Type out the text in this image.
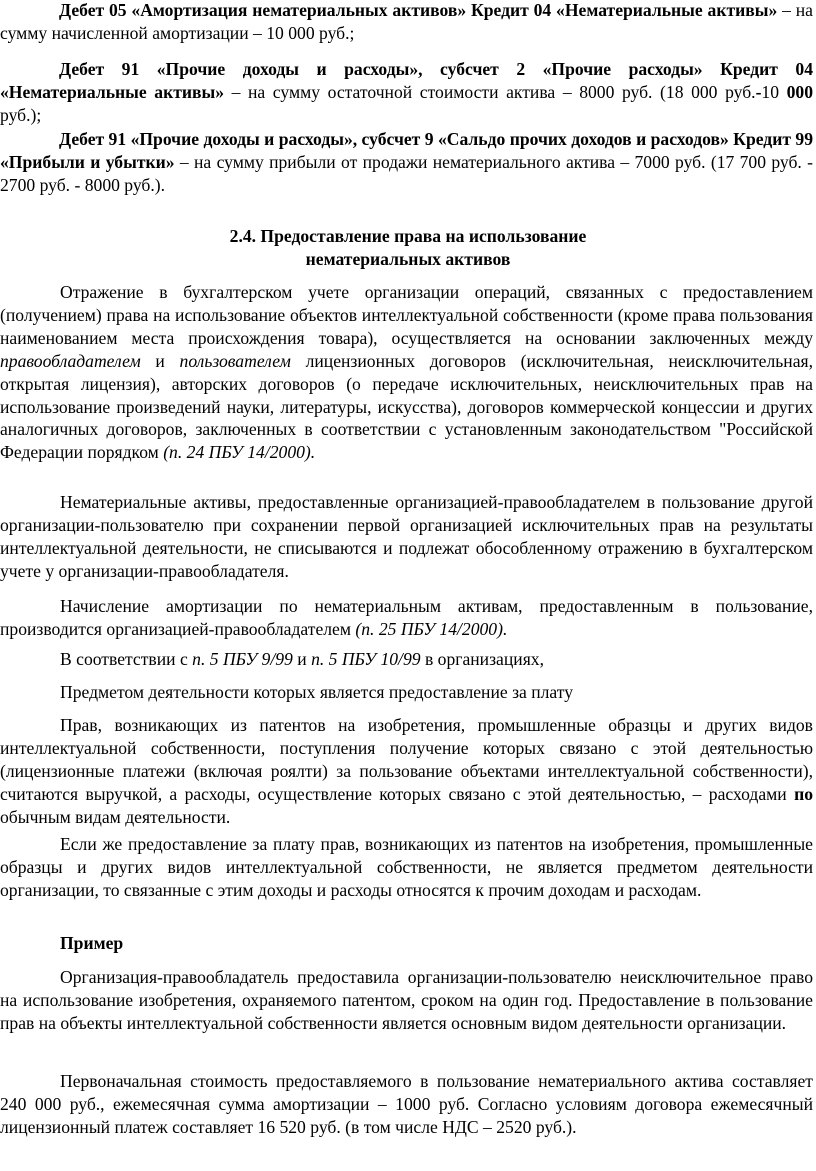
Дебет 05 «Амортизация нематериальных активов» Кредит 04 «Нематериальные активы» – на сумму начисленной амортизации – 10 000 руб.;

Дебет 91 «Прочие доходы и расходы», субсчет 2 «Прочие расходы» Кредит 04 «Нематериальные активы» – на сумму остаточной стоимости актива – 8000 руб. (18 000 руб.-10 000 руб.);

Дебет 91 «Прочие доходы и расходы», субсчет 9 «Сальдо прочих доходов и расходов» Кредит 99 «Прибыли и убытки» – на сумму прибыли от продажи нематериального актива – 7000 руб. (17 700 руб. - 2700 руб. - 8000 руб.).

2.4. Предоставление права на использование
нематериальных активов

Отражение в бухгалтерском учете организации операций, связанных с предоставлением (получением) права на использование объектов интеллектуальной собственности (кроме права пользования наименованием места происхождения товара), осуществляется на основании заключенных между правообладателем и пользователем лицензионных договоров (исключительная, неисключительная, открытая лицензия), авторских договоров (о передаче исключительных, неисключительных прав на использование произведений науки, литературы, искусства), договоров коммерческой концессии и других аналогичных договоров, заключенных в соответствии с установленным законодательством "Российской Федерации порядком (п. 24 ПБУ 14/2000).

Нематериальные активы, предоставленные организацией-правообладателем в пользование другой организации-пользователю при сохранении первой организацией исключительных прав на результаты интеллектуальной деятельности, не списываются и подлежат обособленному отражению в бухгалтерском учете у организации-правообладателя.

Начисление амортизации по нематериальным активам, предоставленным в пользование, производится организацией-правообладателем (п. 25 ПБУ 14/2000).

В соответствии с п. 5 ПБУ 9/99 и п. 5 ПБУ 10/99 в организациях,

Предметом деятельности которых является предоставление за плату

Прав, возникающих из патентов на изобретения, промышленные образцы и других видов интеллектуальной собственности, поступления получение которых связано с этой деятельностью (лицензионные платежи (включая роялти) за пользование объектами интеллектуальной собственности), считаются выручкой, а расходы, осуществление которых связано с этой деятельностью, – расходами по обычным видам деятельности.

Если же предоставление за плату прав, возникающих из патентов на изобретения, промышленные образцы и других видов интеллектуальной собственности, не является предметом деятельности организации, то связанные с этим доходы и расходы относятся к прочим доходам и расходам.

Пример

Организация-правообладатель предоставила организации-пользователю неисключительное право на использование изобретения, охраняемого патентом, сроком на один год. Предоставление в пользование прав на объекты интеллектуальной собственности является основным видом деятельности организации.

Первоначальная стоимость предоставляемого в пользование нематериального актива составляет 240 000 руб., ежемесячная сумма амортизации – 1000 руб. Согласно условиям договора ежемесячный лицензионный платеж составляет 16 520 руб. (в том числе НДС – 2520 руб.).
